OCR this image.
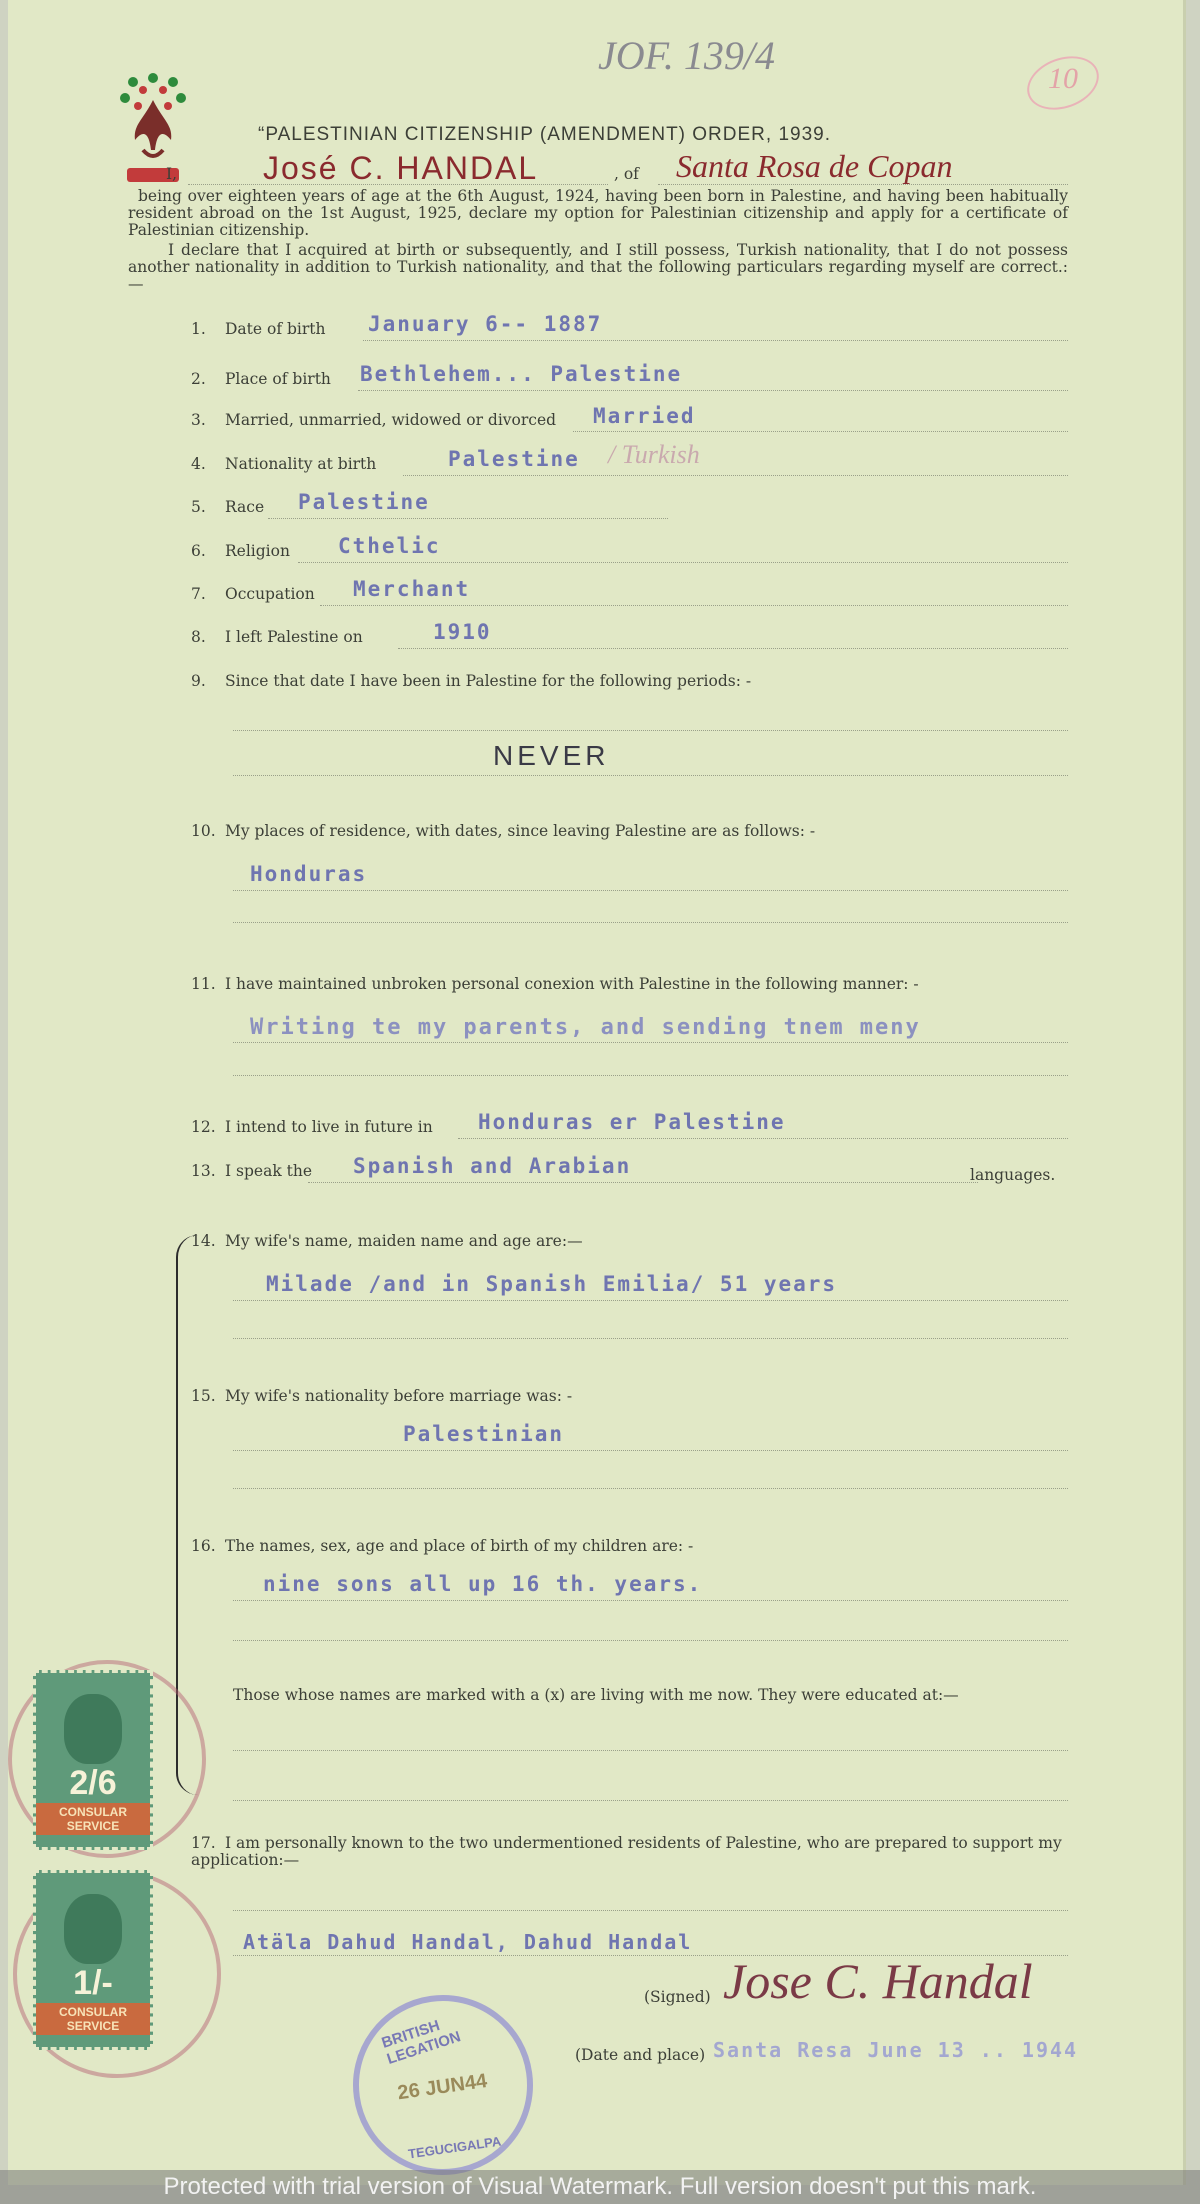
JOF. 139/4
10
“PALESTINIAN CITIZENSHIP (AMENDMENT) ORDER, 1939.
I,	José C. HANDAL	, of Santa Rosa de Copan
being over eighteen years of age at the 6th August, 1924, having been born in Palestine, and having been habitually resident abroad on the 1st August, 1925, declare my option for Palestinian citizenship and apply for a certificate of Palestinian citizenship.
I declare that I acquired at birth or subsequently, and I still possess, Turkish nationality, that I do not possess another nationality in addition to Turkish nationality, and that the following particulars regarding myself are correct.:—
1. Date of birth January 6-- 1887
2. Place of birth Bethlehem... Palestine
3. Married, unmarried, widowed or divorced Married
4. Nationality at birth	Palestine / Turkish
5. Race Palestine
6. Religion Cthelic
7. Occupation Merchant
8. I left Palestine on	1910
9. Since that date I have been in Palestine for the following periods: -
NEVER
10. My places of residence, with dates, since leaving Palestine are as follows: -
Honduras
11. I have maintained unbroken personal conexion with Palestine in the following manner: -
Writing te my parents, and sending tnem meny
12. I intend to live in future in Honduras er Palestine
13. I speak the Spanish and Arabian	languages.
14. My wife's name, maiden name and age are:—
Milade /and in Spanish Emilia/ 51 years
15. My wife's nationality before marriage was: -
Palestinian
16. The names, sex, age and place of birth of my children are: -
nine sons all up 16 th. years.
Those whose names are marked with a (x) are living with me now. They were educated at:—
17. I am personally known to the two undermentioned residents of Palestine, who are prepared to support my application:—
Atäla Dahud Handal, Dahud Handal
(Signed) Jose C. Handal
(Date and place) Santa Resa June 13 .. 1944
2/6
CONSULAR SERVICE
1/-
CONSULAR SERVICE	BRITISH LEGATION
26 JUN44
TEGUCIGALPA
Protected with trial version of Visual Watermark. Full version doesn't put this mark.
